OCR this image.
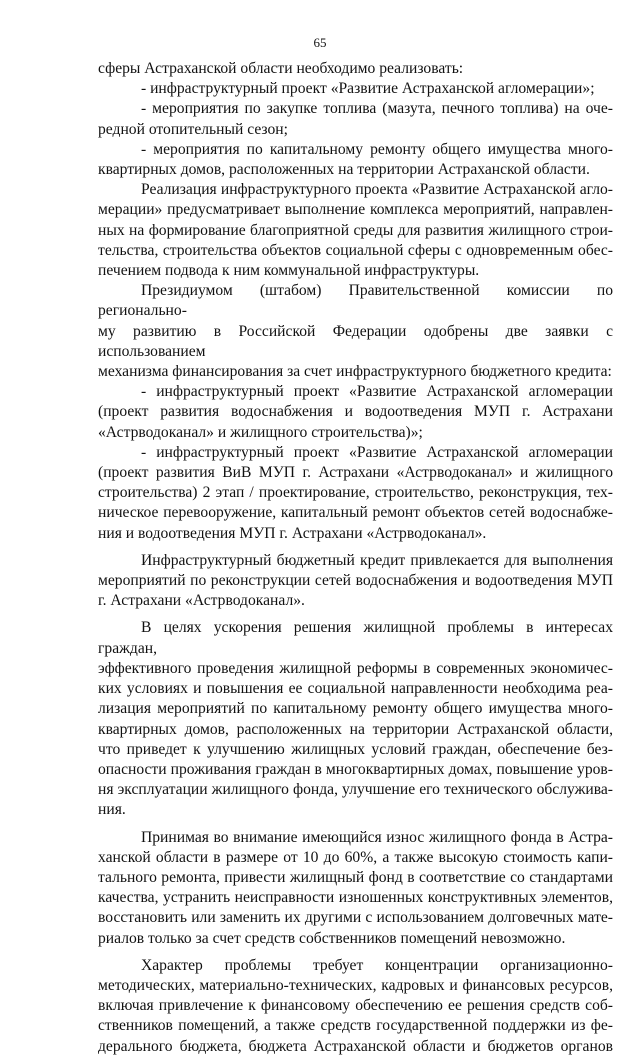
65

сферы Астраханской области необходимо реализовать:

- инфраструктурный проект «Развитие Астраханской агломерации»;

- мероприятия по закупке топлива (мазута, печного топлива) на оче-

редной отопительный сезон;

- мероприятия по капитальному ремонту общего имущества много-

квартирных домов, расположенных на территории Астраханской области.

Реализация инфраструктурного проекта «Развитие Астраханской агло-

мерации» предусматривает выполнение комплекса мероприятий, направлен-

ных на формирование благоприятной среды для развития жилищного строи-

тельства, строительства объектов социальной сферы с одновременным обес-

печением подвода к ним коммунальной инфраструктуры.

Президиумом (штабом) Правительственной комиссии по регионально-

му развитию в Российской Федерации одобрены две заявки с использованием

механизма финансирования за счет инфраструктурного бюджетного кредита:

- инфраструктурный проект «Развитие Астраханской агломерации

(проект развития водоснабжения и водоотведения МУП г. Астрахани

«Астрводоканал» и жилищного строительства)»;

- инфраструктурный проект «Развитие Астраханской агломерации

(проект развития ВиВ МУП г. Астрахани «Астрводоканал» и жилищного

строительства) 2 этап / проектирование, строительство, реконструкция, тех-

ническое перевооружение, капитальный ремонт объектов сетей водоснабже-

ния и водоотведения МУП г. Астрахани «Астрводоканал».

Инфраструктурный бюджетный кредит привлекается для выполнения

мероприятий по реконструкции сетей водоснабжения и водоотведения МУП

г. Астрахани «Астрводоканал».

В целях ускорения решения жилищной проблемы в интересах граждан,

эффективного проведения жилищной реформы в современных экономичес-

ких условиях и повышения ее социальной направленности необходима реа-

лизация мероприятий по капитальному ремонту общего имущества много-

квартирных домов, расположенных на территории Астраханской области,

что приведет к улучшению жилищных условий граждан, обеспечение без-

опасности проживания граждан в многоквартирных домах, повышение уров-

ня эксплуатации жилищного фонда, улучшение его технического обслужива-

ния.

Принимая во внимание имеющийся износ жилищного фонда в Астра-

ханской области в размере от 10 до 60%, а также высокую стоимость капи-

тального ремонта, привести жилищный фонд в соответствие со стандартами

качества, устранить неисправности изношенных конструктивных элементов,

восстановить или заменить их другими с использованием долговечных мате-

риалов только за счет средств собственников помещений невозможно.

Характер проблемы требует концентрации организационно-

методических, материально-технических, кадровых и финансовых ресурсов,

включая привлечение к финансовому обеспечению ее решения средств соб-

ственников помещений, а также средств государственной поддержки из фе-

дерального бюджета, бюджета Астраханской области и бюджетов органов
